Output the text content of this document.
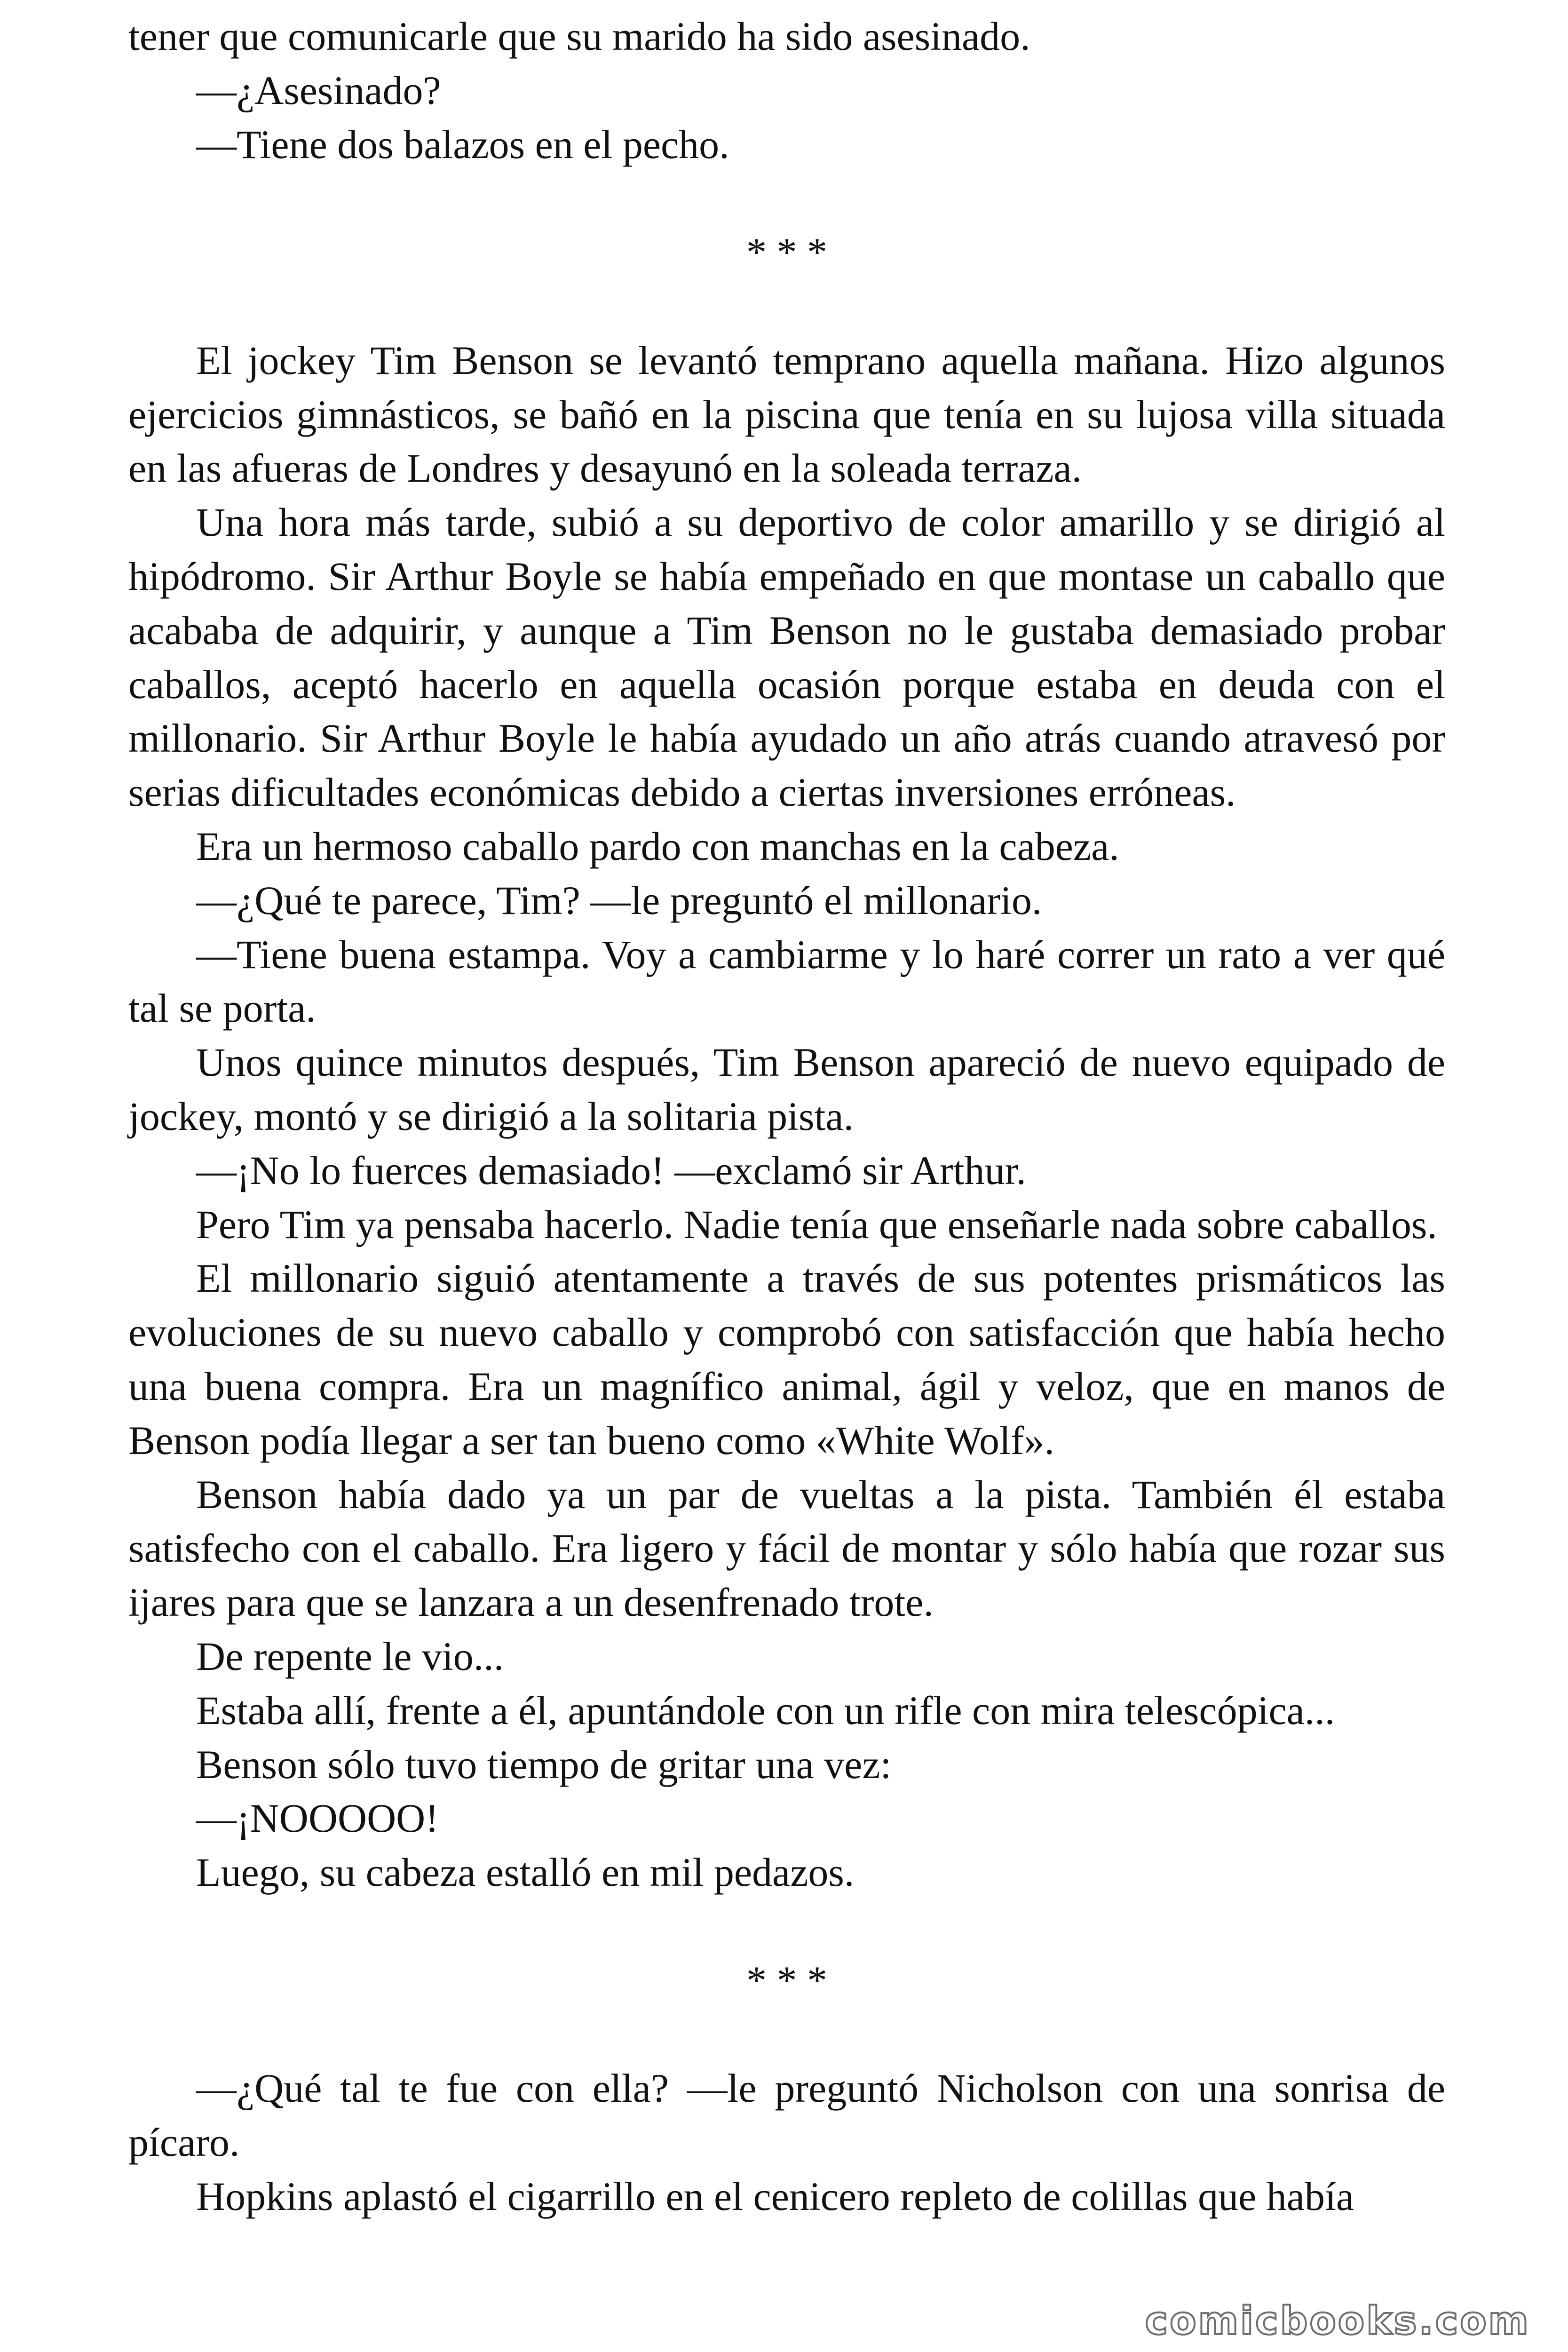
tener que comunicarle que su marido ha sido asesinado.

—¿Asesinado?

—Tiene dos balazos en el pecho.

* * *

El jockey Tim Benson se levantó temprano aquella mañana. Hizo algunos ejercicios gimnásticos, se bañó en la piscina que tenía en su lujosa villa situada en las afueras de Londres y desayunó en la soleada terraza.

Una hora más tarde, subió a su deportivo de color amarillo y se dirigió al hipódromo. Sir Arthur Boyle se había empeñado en que montase un caballo que acababa de adquirir, y aunque a Tim Benson no le gustaba demasiado probar caballos, aceptó hacerlo en aquella ocasión porque estaba en deuda con el millonario. Sir Arthur Boyle le había ayudado un año atrás cuando atravesó por serias dificultades económicas debido a ciertas inversiones erróneas.

Era un hermoso caballo pardo con manchas en la cabeza.

—¿Qué te parece, Tim? —le preguntó el millonario.

—Tiene buena estampa. Voy a cambiarme y lo haré correr un rato a ver qué tal se porta.

Unos quince minutos después, Tim Benson apareció de nuevo equipado de jockey, montó y se dirigió a la solitaria pista.

—¡No lo fuerces demasiado! —exclamó sir Arthur.

Pero Tim ya pensaba hacerlo. Nadie tenía que enseñarle nada sobre caballos.

El millonario siguió atentamente a través de sus potentes prismáticos las evoluciones de su nuevo caballo y comprobó con satisfacción que había hecho una buena compra. Era un magnífico animal, ágil y veloz, que en manos de Benson podía llegar a ser tan bueno como «White Wolf».

Benson había dado ya un par de vueltas a la pista. También él estaba satisfecho con el caballo. Era ligero y fácil de montar y sólo había que rozar sus ijares para que se lanzara a un desenfrenado trote.

De repente le vio...

Estaba allí, frente a él, apuntándole con un rifle con mira telescópica...

Benson sólo tuvo tiempo de gritar una vez:

—¡NOOOOO!

Luego, su cabeza estalló en mil pedazos.

* * *

—¿Qué tal te fue con ella? —le preguntó Nicholson con una sonrisa de pícaro.

Hopkins aplastó el cigarrillo en el cenicero repleto de colillas que había

comicbooks.com
